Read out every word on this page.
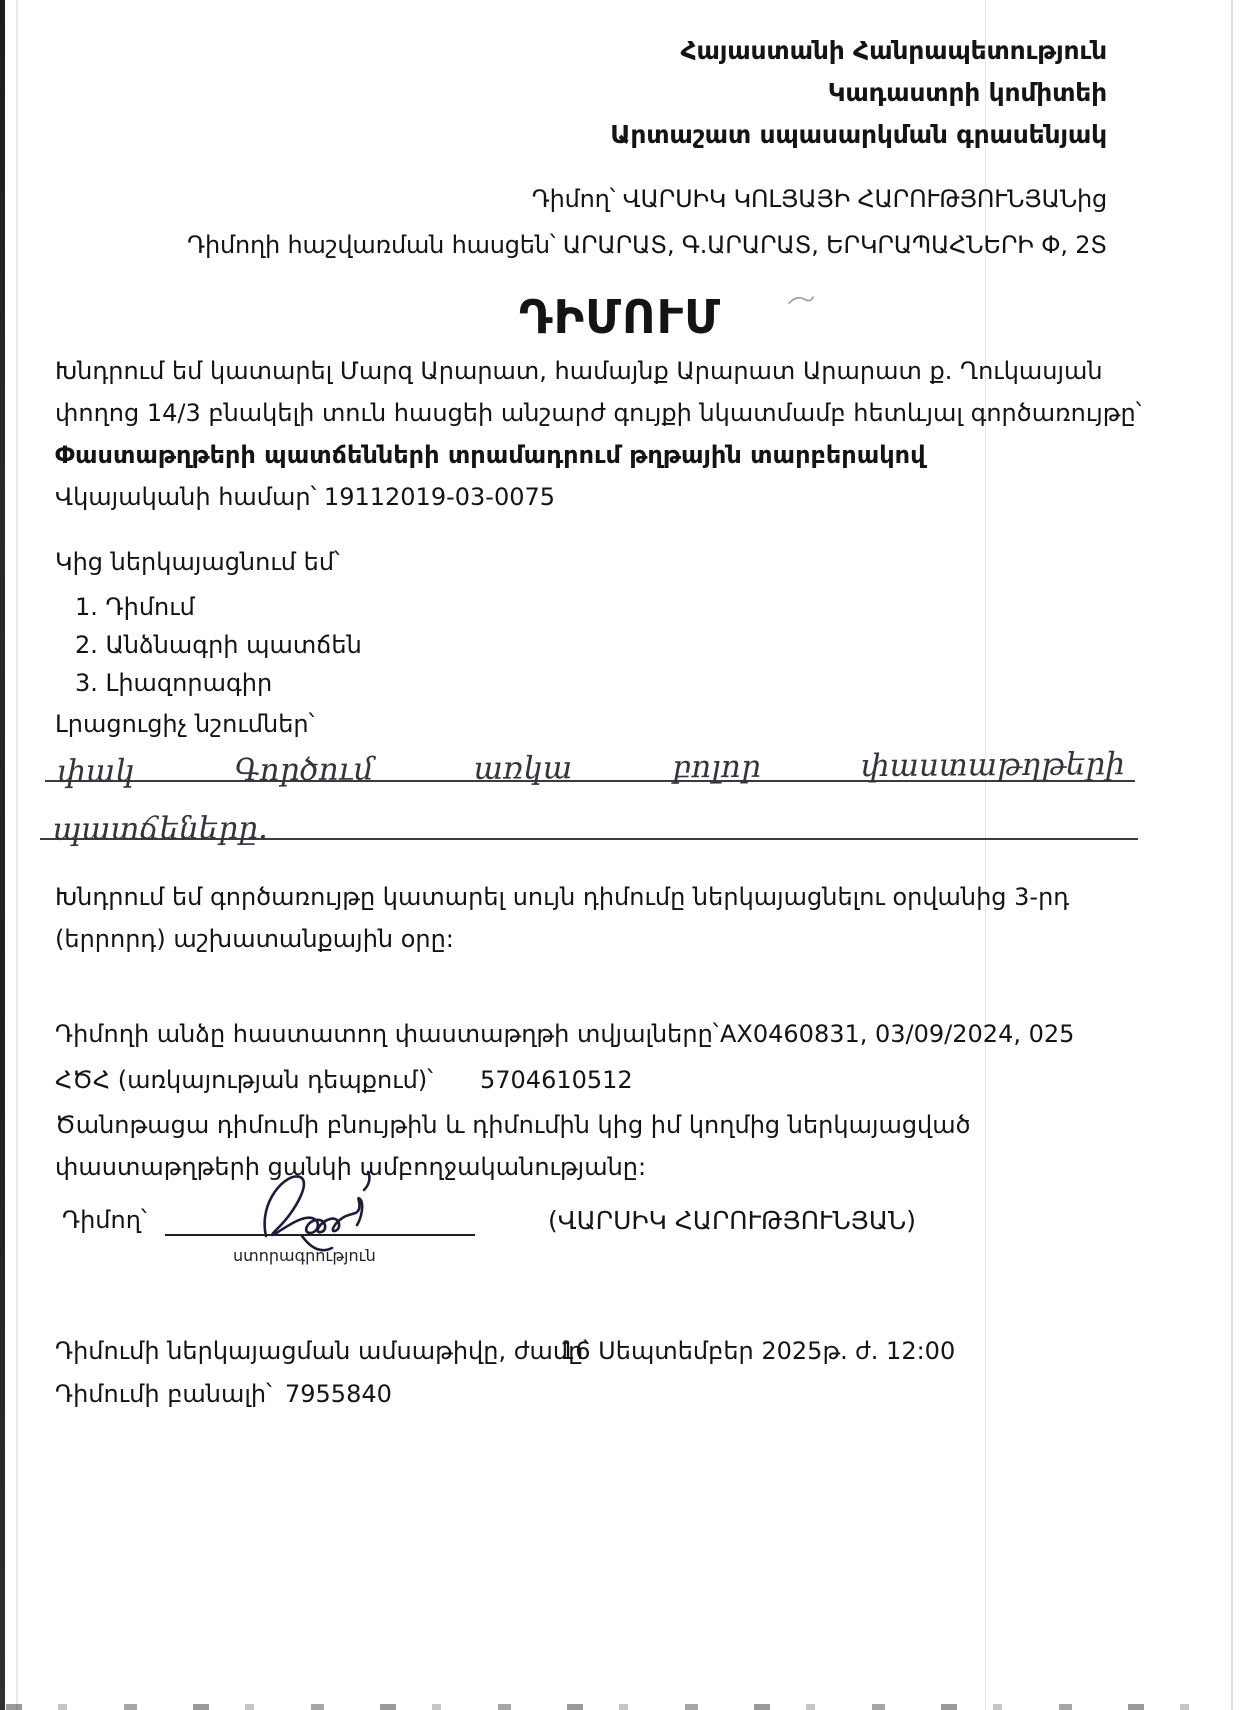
Հայաստանի Հանրապետություն
Կադաստրի կոմիտեի
Արտաշատ սպասարկման գրասենյակ
Դիմող՝ ՎԱՐՍԻԿ ԿՈԼՅԱՅԻ ՀԱՐՈՒԹՅՈՒՆՅԱՆից
Դիմողի հաշվառման հասցեն՝ ԱՐԱՐԱՏ, Գ.ԱՐԱՐԱՏ, ԵՐԿՐԱՊԱՀՆԵՐԻ Փ, 2Տ
ԴԻՄՈՒՄ

Խնդրում եմ կատարել Մարզ Արարատ, համայնք Արարատ Արարատ ք. Ղուկասյան փողոց 14/3 բնակելի տուն հասցեի անշարժ գույքի նկատմամբ հետևյալ գործառույթը՝

Փաստաթղթերի պատճենների տրամադրում թղթային տարբերակով

Վկայականի համար՝ 19112019-03-0075

Կից ներկայացնում եմ՝
1. Դիմում
2. Անձնագրի պատճեն
3. Լիազորագիր
Լրացուցիչ նշումներ՝
փակ	Գործում	առկա	բոլոր	փաստաթղթերի
պատճեները.
Խնդրում եմ գործառույթը կատարել սույն դիմումը ներկայացնելու օրվանից 3-րդ (երրորդ) աշխատանքային օրը:
Դիմողի անձը հաստատող փաստաթղթի տվյալները՝ AX0460831, 03/09/2024, 025
ՀԾՀ (առկայության դեպքում)՝ 5704610512
Ծանոթացա դիմումի բնույթին և դիմումին կից իմ կողմից ներկայացված փաստաթղթերի ցանկի ամբողջականությանը:
Դիմող՝
ստորագրություն
(ՎԱՐՍԻԿ ՀԱՐՈՒԹՅՈՒՆՅԱՆ)
Դիմումի ներկայացման ամսաթիվը, ժամը՝
16 Սեպտեմբեր 2025թ. ժ. 12:00
Դիմումի բանալի՝ 7955840
